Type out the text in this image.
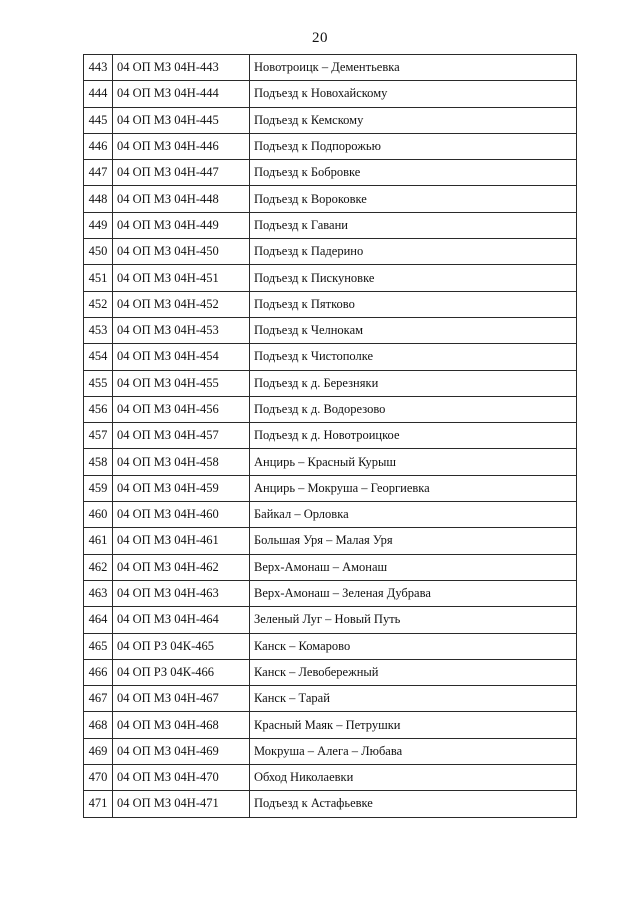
20
443	04 ОП МЗ 04Н-443	Новотроицк – Дементьевка
444	04 ОП МЗ 04Н-444	Подъезд к Новохайскому
445	04 ОП МЗ 04Н-445	Подъезд к Кемскому
446	04 ОП МЗ 04Н-446	Подъезд к Подпорожью
447	04 ОП МЗ 04Н-447	Подъезд к Бобровке
448	04 ОП МЗ 04Н-448	Подъезд к Вороковке
449	04 ОП МЗ 04Н-449	Подъезд к Гавани
450	04 ОП МЗ 04Н-450	Подъезд к Падерино
451	04 ОП МЗ 04Н-451	Подъезд к Пискуновке
452	04 ОП МЗ 04Н-452	Подъезд к Пятково
453	04 ОП МЗ 04Н-453	Подъезд к Челнокам
454	04 ОП МЗ 04Н-454	Подъезд к Чистополке
455	04 ОП МЗ 04Н-455	Подъезд к д. Березняки
456	04 ОП МЗ 04Н-456	Подъезд к д. Водорезово
457	04 ОП МЗ 04Н-457	Подъезд к д. Новотроицкое
458	04 ОП МЗ 04Н-458	Анцирь – Красный Курыш
459	04 ОП МЗ 04Н-459	Анцирь – Мокруша – Георгиевка
460	04 ОП МЗ 04Н-460	Байкал – Орловка
461	04 ОП МЗ 04Н-461	Большая Уря – Малая Уря
462	04 ОП МЗ 04Н-462	Верх-Амонаш – Амонаш
463	04 ОП МЗ 04Н-463	Верх-Амонаш – Зеленая Дубрава
464	04 ОП МЗ 04Н-464	Зеленый Луг – Новый Путь
465	04 ОП РЗ 04К-465	Канск – Комарово
466	04 ОП РЗ 04К-466	Канск – Левобережный
467	04 ОП МЗ 04Н-467	Канск – Тарай
468	04 ОП МЗ 04Н-468	Красный Маяк – Петрушки
469	04 ОП МЗ 04Н-469	Мокруша – Алега – Любава
470	04 ОП МЗ 04Н-470	Обход Николаевки
471	04 ОП МЗ 04Н-471	Подъезд к Астафьевке
